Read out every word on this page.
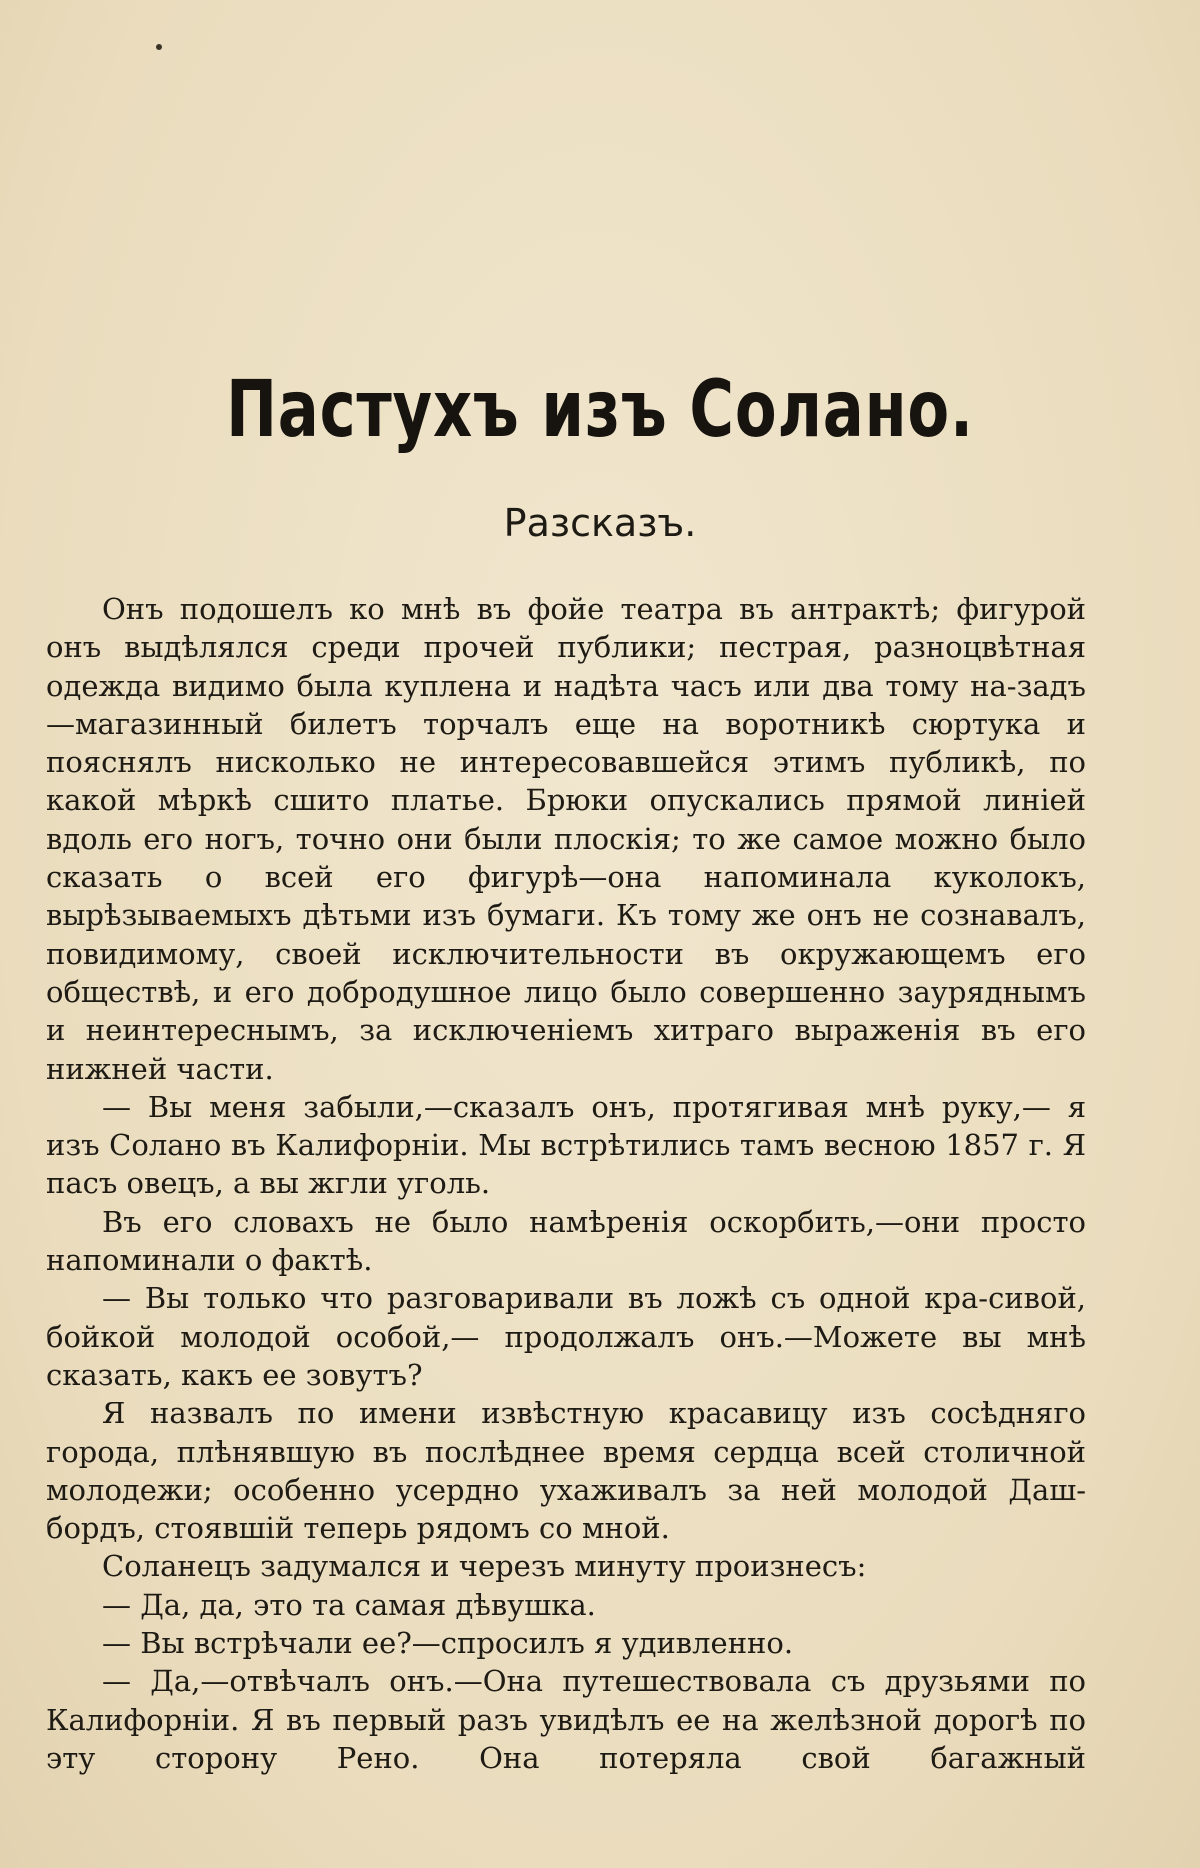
Пастухъ изъ Солано.
Разсказъ.

Онъ подошелъ ко мнѣ въ фойе театра въ антрактѣ; фигурой онъ выдѣлялся среди прочей публики; пестрая, разноцвѣтная одежда видимо была куплена и надѣта часъ или два тому на-задъ—магазинный билетъ торчалъ еще на воротникѣ сюртука и пояснялъ нисколько не интересовавшейся этимъ публикѣ, по какой мѣркѣ сшито платье. Брюки опускались прямой линіей вдоль его ногъ, точно они были плоскія; то же самое можно было сказать о всей его фигурѣ—она напоминала куколокъ, вырѣзываемыхъ дѣтьми изъ бумаги. Къ тому же онъ не сознавалъ, повидимому, своей исключительности въ окружающемъ его обществѣ, и его добродушное лицо было совершенно зауряднымъ и неинтереснымъ, за исключеніемъ хитраго выраженія въ его нижней части.

— Вы меня забыли,—сказалъ онъ, протягивая мнѣ руку,— я изъ Солано въ Калифорніи. Мы встрѣтились тамъ весною 1857 г. Я пасъ овецъ, а вы жгли уголь.

Въ его словахъ не было намѣренія оскорбить,—они просто напоминали о фактѣ.

— Вы только что разговаривали въ ложѣ съ одной кра-сивой, бойкой молодой особой,— продолжалъ онъ.—Можете вы мнѣ сказать, какъ ее зовутъ?

Я назвалъ по имени извѣстную красавицу изъ сосѣдняго города, плѣнявшую въ послѣднее время сердца всей столичной молодежи; особенно усердно ухаживалъ за ней молодой Даш-бордъ, стоявшій теперь рядомъ со мной.

Соланецъ задумался и черезъ минуту произнесъ:

— Да, да, это та самая дѣвушка.

— Вы встрѣчали ее?—спросилъ я удивленно.

— Да,—отвѣчалъ онъ.—Она путешествовала съ друзьями по Калифорніи. Я въ первый разъ увидѣлъ ее на желѣзной дорогѣ по эту сторону Рено. Она потеряла свой багажный
